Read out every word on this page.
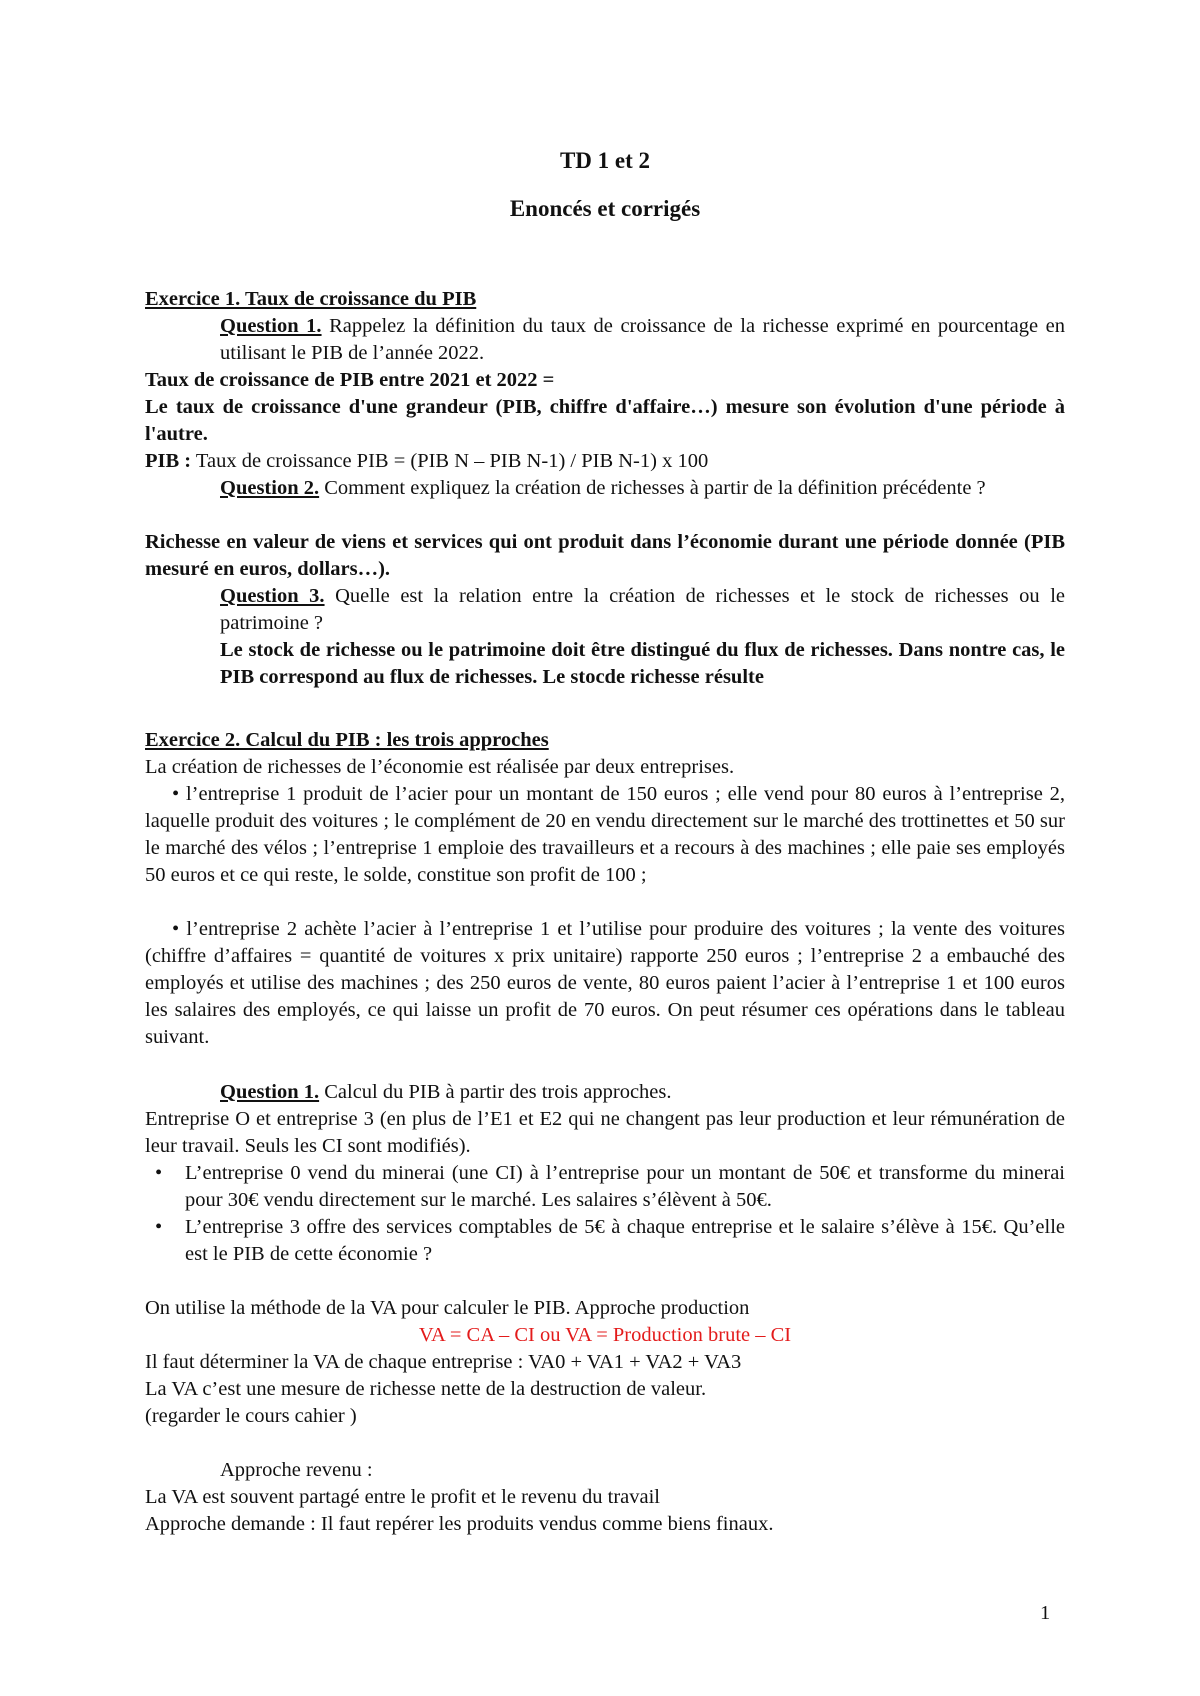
TD 1 et 2
Enoncés et corrigés
Exercice 1. Taux de croissance du PIB
Question 1. Rappelez la définition du taux de croissance de la richesse exprimé en pourcentage en utilisant le PIB de l’année 2022.
Taux de croissance de PIB entre 2021 et 2022 =
Le taux de croissance d'une grandeur (PIB, chiffre d'affaire…) mesure son évolution d'une période à l'autre.
PIB : Taux de croissance PIB = (PIB N – PIB N-1) / PIB N-1) x 100
Question 2. Comment expliquez la création de richesses à partir de la définition précédente ?
Richesse en valeur de viens et services qui ont produit dans l’économie durant une période donnée (PIB mesuré en euros, dollars…).
Question 3. Quelle est la relation entre la création de richesses et le stock de richesses ou le patrimoine ?
Le stock de richesse ou le patrimoine doit être distingué du flux de richesses. Dans nontre cas, le PIB correspond au flux de richesses. Le stocde richesse résulte
Exercice 2. Calcul du PIB : les trois approches
La création de richesses de l’économie est réalisée par deux entreprises.

• l’entreprise 1 produit de l’acier pour un montant de 150 euros ; elle vend pour 80 euros à l’entreprise 2, laquelle produit des voitures ; le complément de 20 en vendu directement sur le marché des trottinettes et 50 sur le marché des vélos ; l’entreprise 1 emploie des travailleurs et a recours à des machines ; elle paie ses employés 50 euros et ce qui reste, le solde, constitue son profit de 100 ;

• l’entreprise 2 achète l’acier à l’entreprise 1 et l’utilise pour produire des voitures ; la vente des voitures (chiffre d’affaires = quantité de voitures x prix unitaire) rapporte 250 euros ; l’entreprise 2 a embauché des employés et utilise des machines ; des 250 euros de vente, 80 euros paient l’acier à l’entreprise 1 et 100 euros les salaires des employés, ce qui laisse un profit de 70 euros. On peut résumer ces opérations dans le tableau suivant.

Question 1. Calcul du PIB à partir des trois approches.
Entreprise O et entreprise 3 (en plus de l’E1 et E2 qui ne changent pas leur production et leur rémunération de leur travail. Seuls les CI sont modifiés).
• L’entreprise 0 vend du minerai (une CI) à l’entreprise pour un montant de 50€ et transforme du minerai pour 30€ vendu directement sur le marché. Les salaires s’élèvent à 50€.
• L’entreprise 3 offre des services comptables de 5€ à chaque entreprise et le salaire s’élève à 15€. Qu’elle est le PIB de cette économie ?
On utilise la méthode de la VA pour calculer le PIB. Approche production
VA = CA – CI ou VA = Production brute – CI
Il faut déterminer la VA de chaque entreprise : VA0 + VA1 + VA2 + VA3
La VA c’est une mesure de richesse nette de la destruction de valeur.
(regarder le cours cahier )
Approche revenu :
La VA est souvent partagé entre le profit et le revenu du travail
Approche demande : Il faut repérer les produits vendus comme biens finaux.
1
